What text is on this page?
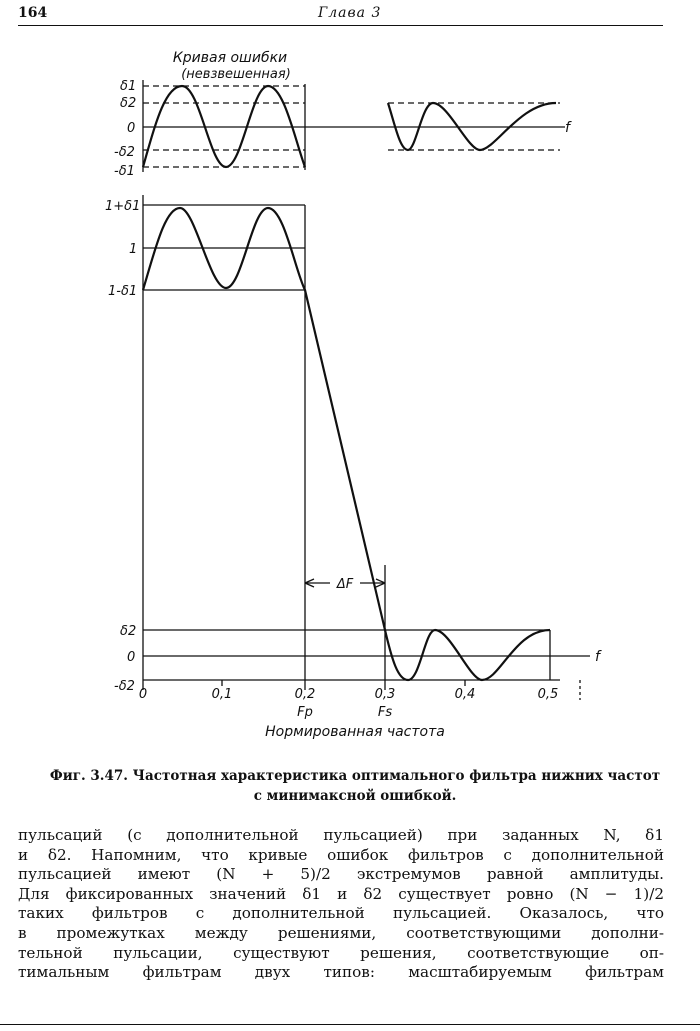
164	Глава 3
Кривая ошибки
(невзвешенная)
δ1
δ2
0
-δ2
-δ1
f
1+δ1
1
1-δ1
δ2
0
-δ2
f
0	0,1	0,2	0,3	0,4	0,5
Fp	Fs
ΔF
Нормированная частота
Фиг. 3.47. Частотная характеристика оптимального фильтра нижних частот
с минимаксной ошибкой.
пульсаций (с дополнительной пульсацией) при заданных N, δ1
и δ2. Напомним, что кривые ошибок фильтров с дополнительной
пульсацией имеют (N + 5)/2 экстремумов равной амплитуды.
Для фиксированных значений δ1 и δ2 существует ровно (N − 1)/2
таких фильтров с дополнительной пульсацией. Оказалось, что
в промежутках между решениями, соответствующими дополни-
тельной пульсации, существуют решения, соответствующие оп-
тимальным фильтрам двух типов: масштабируемым фильтрам
